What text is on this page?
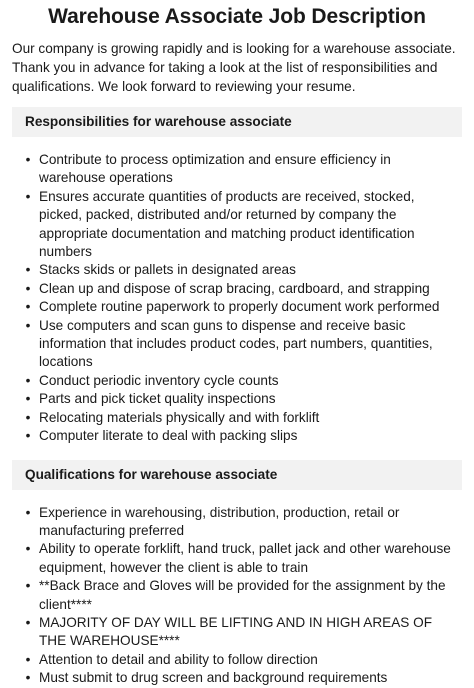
Warehouse Associate Job Description

Our company is growing rapidly and is looking for a warehouse associate. Thank you in advance for taking a look at the list of responsibilities and qualifications. We look forward to reviewing your resume.

Responsibilities for warehouse associate
• Contribute to process optimization and ensure efficiency in warehouse operations
• Ensures accurate quantities of products are received, stocked, picked, packed, distributed and/or returned by company the appropriate documentation and matching product identification numbers
• Stacks skids or pallets in designated areas
• Clean up and dispose of scrap bracing, cardboard, and strapping
• Complete routine paperwork to properly document work performed
• Use computers and scan guns to dispense and receive basic information that includes product codes, part numbers, quantities, locations
• Conduct periodic inventory cycle counts
• Parts and pick ticket quality inspections
• Relocating materials physically and with forklift
• Computer literate to deal with packing slips
Qualifications for warehouse associate
• Experience in warehousing, distribution, production, retail or manufacturing preferred
• Ability to operate forklift, hand truck, pallet jack and other warehouse equipment, however the client is able to train
• **Back Brace and Gloves will be provided for the assignment by the client****
• MAJORITY OF DAY WILL BE LIFTING AND IN HIGH AREAS OF THE WAREHOUSE****
• Attention to detail and ability to follow direction
• Must submit to drug screen and background requirements
